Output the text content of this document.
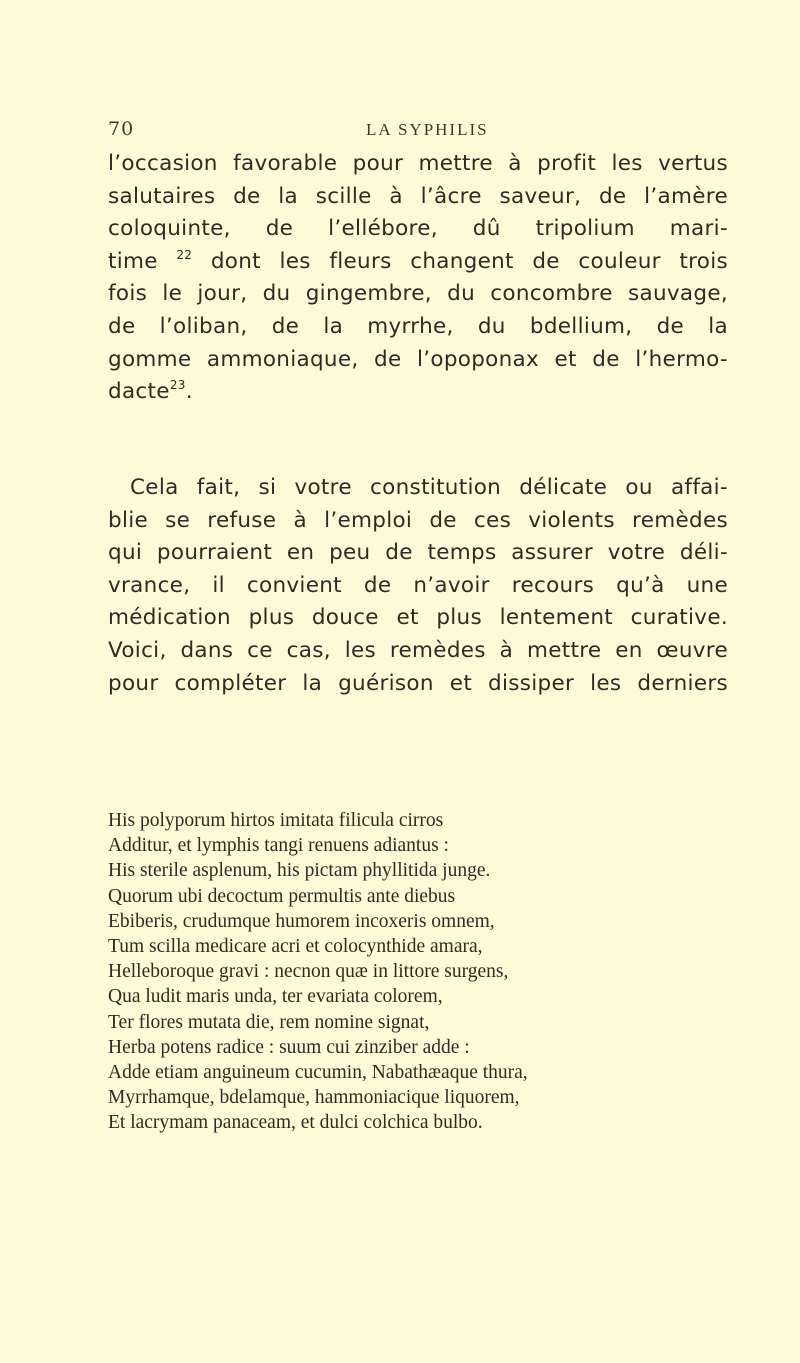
70	LA SYPHILIS
l’occasion favorable pour mettre à profit les vertus
salutaires de la scille à l’âcre saveur, de l’amère
coloquinte, de l’ellébore, dû tripolium mari-
time $^{22}$ dont les fleurs changent de couleur trois
fois le jour, du gingembre, du concombre sauvage,
de l’oliban, de la myrrhe, du bdellium, de la
gomme ammoniaque, de l’opoponax et de l’hermo-
dacte$^{23}$.
Cela fait, si votre constitution délicate ou affai-
blie se refuse à l’emploi de ces violents remèdes
qui pourraient en peu de temps assurer votre déli-
vrance, il convient de n’avoir recours qu’à une
médication plus douce et plus lentement curative.
Voici, dans ce cas, les remèdes à mettre en œuvre
pour compléter la guérison et dissiper les derniers
His polyporum hirtos imitata filicula cirros
Additur, et lymphis tangi renuens adiantus :
His sterile asplenum, his pictam phyllitida junge.
Quorum ubi decoctum permultis ante diebus
Ebiberis, crudumque humorem incoxeris omnem,
Tum scilla medicare acri et colocynthide amara,
Helleboroque gravi : necnon quæ in littore surgens,
Qua ludit maris unda, ter evariata colorem,
Ter flores mutata die, rem nomine signat,
Herba potens radice : suum cui zinziber adde :
Adde etiam anguineum cucumin, Nabathæaque thura,
Myrrhamque, bdelamque, hammoniacique liquorem,
Et lacrymam panaceam, et dulci colchica bulbo.
